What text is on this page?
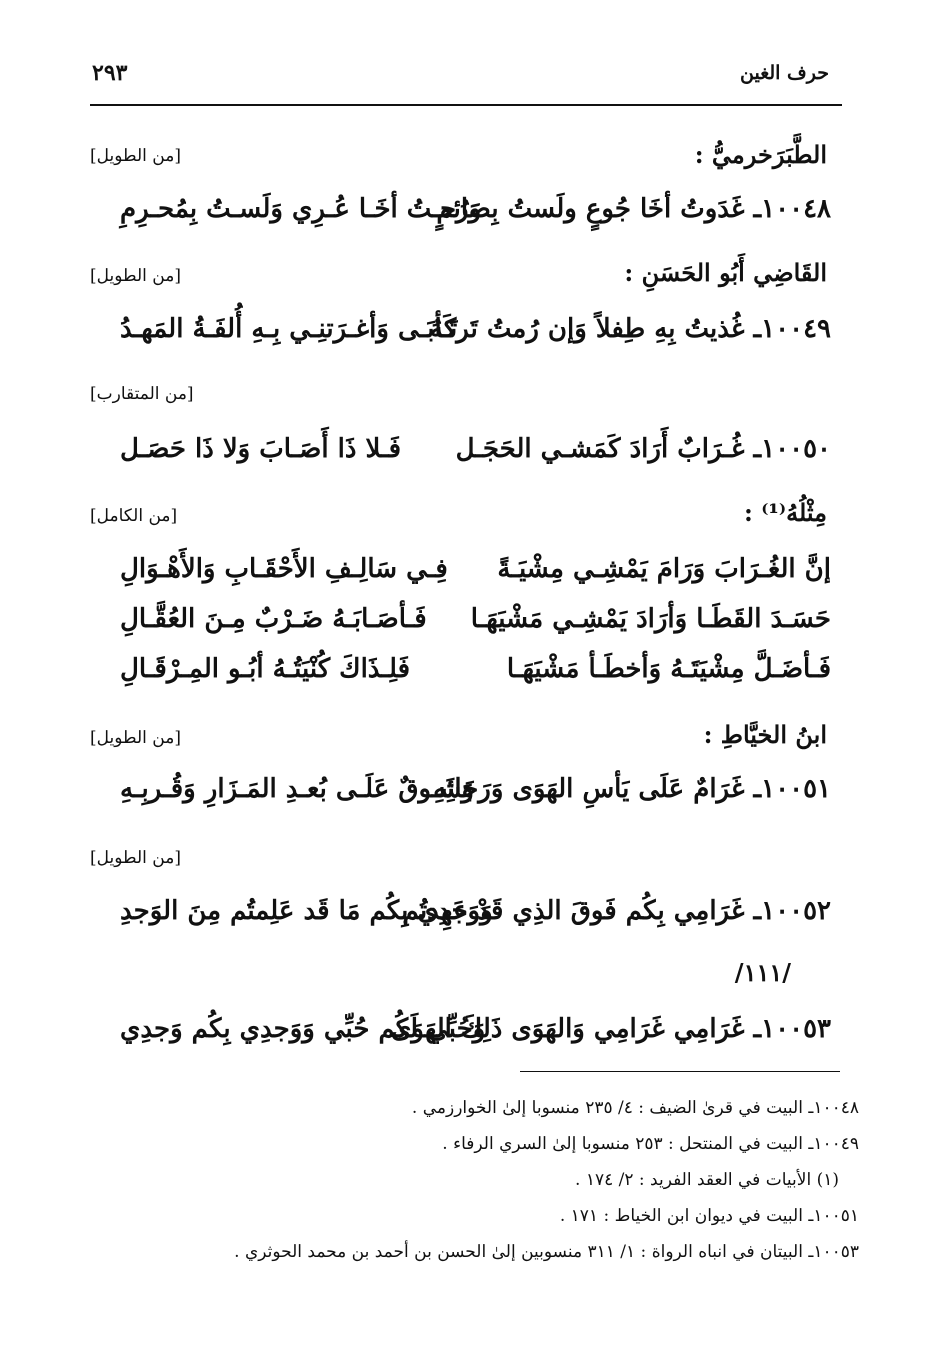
حرف الغين
٢٩٣
الطَّبَرَخرميُّ :
[من الطويل]
١٠٠٤٨ـ غَدَوتُ أخَا جُوعٍ ولَستُ بِصَائمٍ
وَرُحـتُ أخَـا عُـرِي وَلَسـتُ بِمُحـرِمِ
القَاضِي أَبُو الحَسَنِ :
[من الطويل]
١٠٠٤٩ـ غُذيتُ بِهِ طِفلاً وَإن رُمتُ تَركَهُ
تَـأبَـى وَأغـرَتنِـي بِـهِ أُلفَـةُ المَهـدُ
[من المتقارب]
١٠٠٥٠ـ غُـرَابٌ أَرَادَ كَمَشـي الحَجَـل
فَـلا ذَا أَصَـابَ وَلا ذَا حَصَـل
مِثْلُهُ⁽¹⁾ :
[من الكامل]
إنَّ الغُـرَابَ وَرَامَ يَمْشِـي مِشْيَـةً
فِـي سَالِـفِ الأَحْقَـابِ وَالأَهْـوَالِ
حَسَـدَ القَطَـا وَأرَادَ يَمْشِـي مَشْيَهَـا
فَـأصَـابَـهُ ضَـرْبٌ مِـنَ العُقَّـالِ
فَـأضَـلَّ مِشْيَتَـهُ وَأخطَـأ مَشْيَهَـا
فَلِـذَاكَ كُنْيَتُـهُ أبُـو المِـرْقَـالِ
ابنُ الخيَّاطِ :
[من الطويل]
١٠٠٥١ـ غَرَامٌ عَلَى يَأسِ الهَوَى وَرَجَائِهِ
وَشَـوقٌ عَلَـى بُعـدِ المَـزَارِ وَقُـربِـهِ
[من الطويل]
١٠٠٥٢ـ غَرَامِي بِكُم فَوقَ الذِي قَدْ عَهِدتُم
وَوَجدِي بِكُم مَا قَد عَلِمتُم مِنَ الوَجدِ
/١١١/
١٠٠٥٣ـ غَرَامِي غَرَامِي وَالهَوَى ذَلِكَ الهَوَى
وَحُبِّي لَكُم حُبِّي وَوَجدِي بِكُم وَجدِي
١٠٠٤٨ـ البيت في قرىٰ الضيف : ٤/ ٢٣٥ منسوبا إلىٰ الخوارزمي .
١٠٠٤٩ـ البيت في المنتحل : ٢٥٣ منسوبا إلىٰ السري الرفاء .
(١) الأبيات في العقد الفريد : ٢/ ١٧٤ .
١٠٠٥١ـ البيت في ديوان ابن الخياط : ١٧١ .
١٠٠٥٣ـ البيتان في انباه الرواة : ١/ ٣١١ منسوبين إلىٰ الحسن بن أحمد بن محمد الحوثري .
